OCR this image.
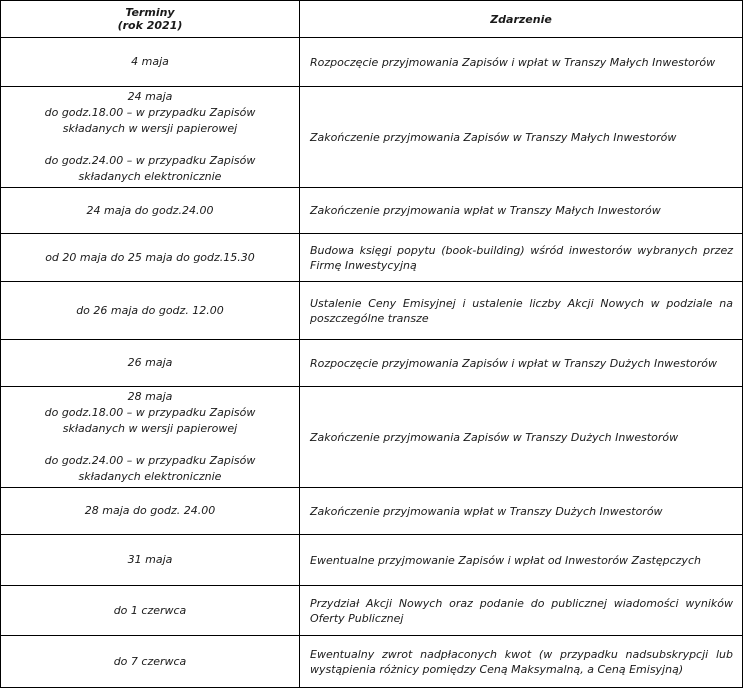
Terminy
(rok 2021)	Zdarzenie

4 maja	Rozpoczęcie przyjmowania Zapisów i wpłat w Transzy Małych Inwestorów

24 maja
do godz.18.00 – w przypadku Zapisów
składanych w wersji papierowej
do godz.24.00 – w przypadku Zapisów
składanych elektronicznie	Zakończenie przyjmowania Zapisów w Transzy Małych Inwestorów

24 maja do godz.24.00	Zakończenie przyjmowania wpłat w Transzy Małych Inwestorów

od 20 maja do 25 maja do godz.15.30	Budowa księgi popytu (book-building) wśród inwestorów wybranych przez Firmę Inwestycyjną

do 26 maja do godz. 12.00	Ustalenie Ceny Emisyjnej i ustalenie liczby Akcji Nowych w podziale na poszczególne transze

26 maja	Rozpoczęcie przyjmowania Zapisów i wpłat w Transzy Dużych Inwestorów

28 maja
do godz.18.00 – w przypadku Zapisów
składanych w wersji papierowej
do godz.24.00 – w przypadku Zapisów
składanych elektronicznie	Zakończenie przyjmowania Zapisów w Transzy Dużych Inwestorów

28 maja do godz. 24.00	Zakończenie przyjmowania wpłat w Transzy Dużych Inwestorów

31 maja	Ewentualne przyjmowanie Zapisów i wpłat od Inwestorów Zastępczych

do 1 czerwca	Przydział Akcji Nowych oraz podanie do publicznej wiadomości wyników Oferty Publicznej

do 7 czerwca	Ewentualny zwrot nadpłaconych kwot (w przypadku nadsubskrypcji lub wystąpienia różnicy pomiędzy Ceną Maksymalną, a Ceną Emisyjną)
